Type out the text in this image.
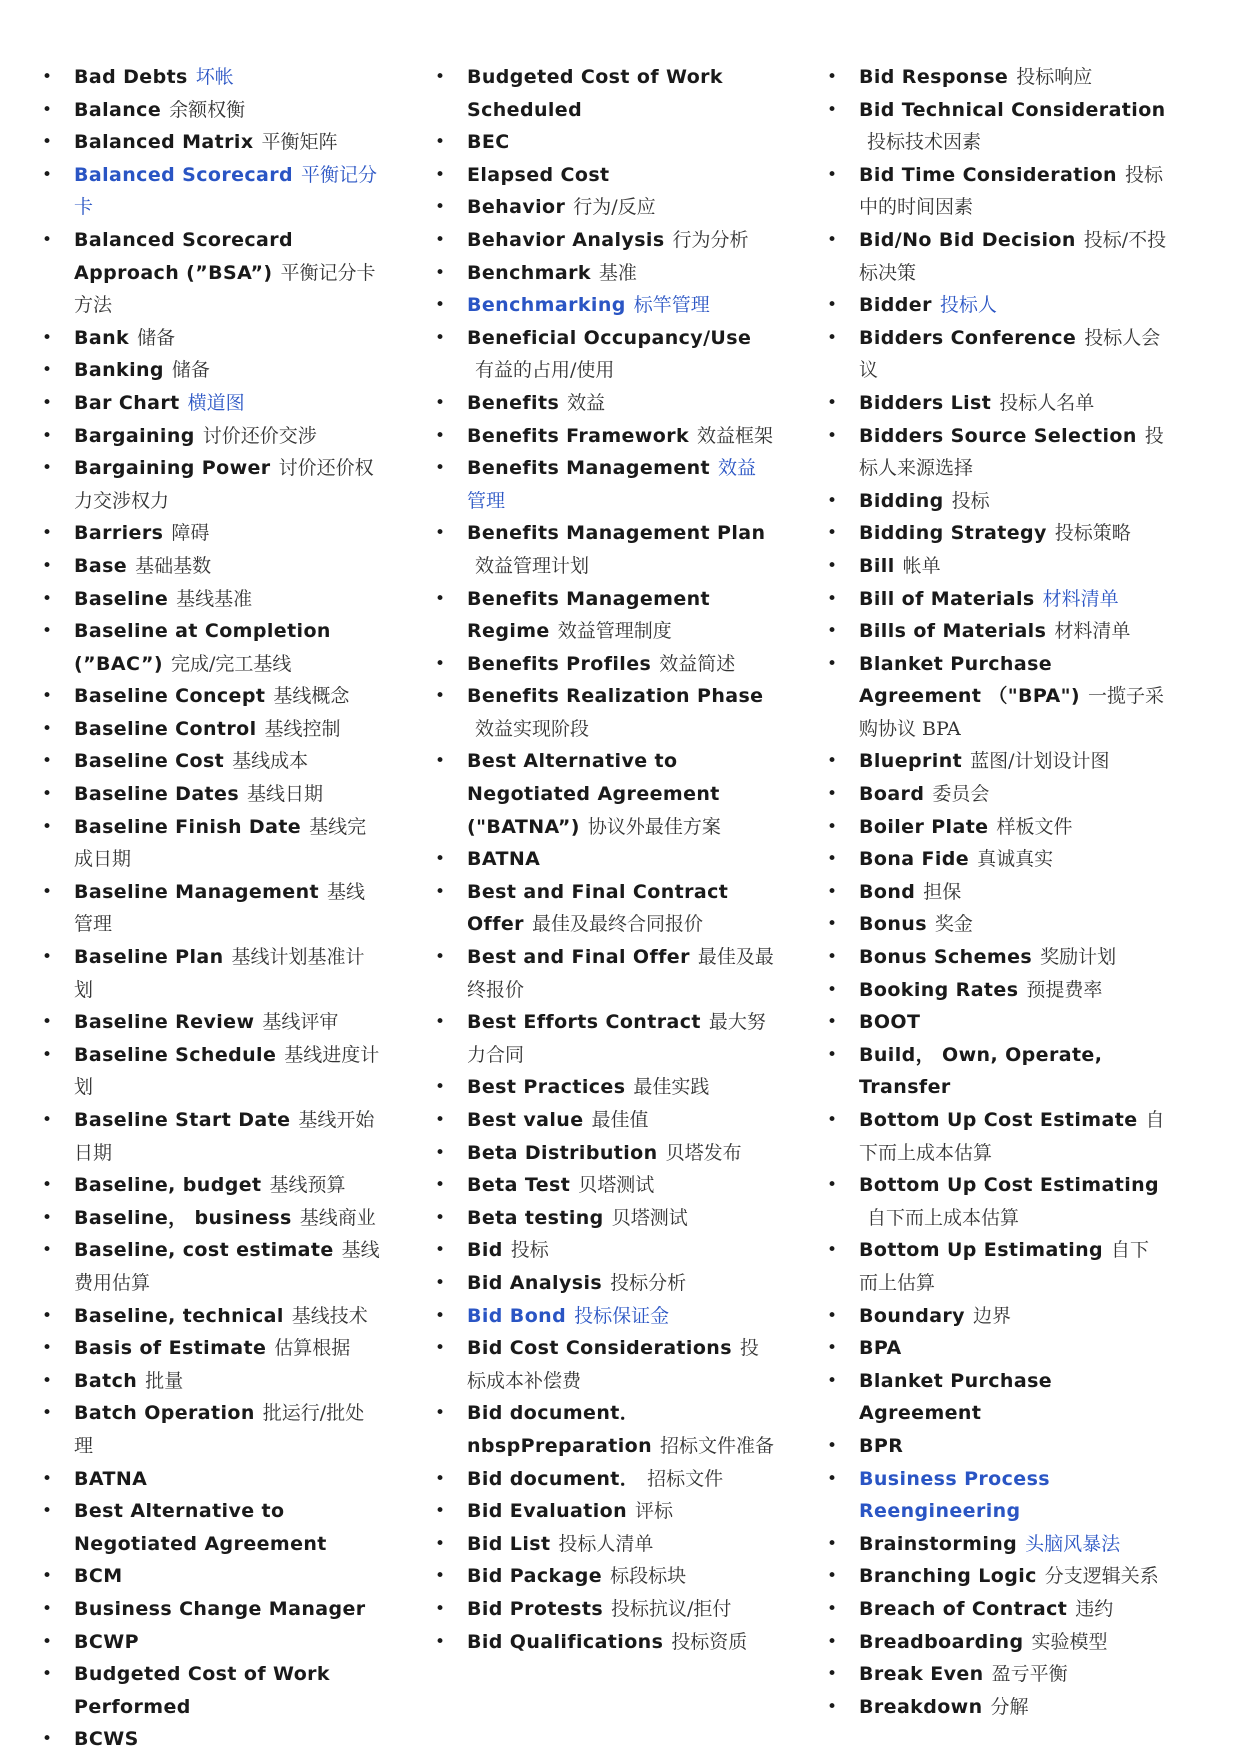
•	Bad Debts 坏帐
•	Balance 余额权衡
•	Balanced Matrix 平衡矩阵
•	Balanced Scorecard 平衡记分卡
•	Balanced Scorecard Approach (”BSA”) 平衡记分卡方法
•	Bank 储备
•	Banking 储备
•	Bar Chart 横道图
•	Bargaining 讨价还价交涉
•	Bargaining Power 讨价还价权力交涉权力
•	Barriers 障碍
•	Base 基础基数
•	Baseline 基线基准
•	Baseline at Completion (”BAC”) 完成/完工基线
•	Baseline Concept 基线概念
•	Baseline Control 基线控制
•	Baseline Cost 基线成本
•	Baseline Dates 基线日期
•	Baseline Finish Date 基线完成日期
•	Baseline Management 基线管理
•	Baseline Plan 基线计划基准计划
•	Baseline Review 基线评审
•	Baseline Schedule 基线进度计划
•	Baseline Start Date 基线开始日期
•	Baseline, budget 基线预算
•	Baseline， business 基线商业
•	Baseline, cost estimate 基线费用估算
•	Baseline, technical 基线技术
•	Basis of Estimate 估算根据
•	Batch 批量
•	Batch Operation 批运行/批处理
•	BATNA
•	Best Alternative to Negotiated Agreement
•	BCM
•	Business Change Manager
•	BCWP
•	Budgeted Cost of Work Performed
•	BCWS
•	Budgeted Cost of Work Scheduled
•	BEC
•	Elapsed Cost
•	Behavior 行为/反应
•	Behavior Analysis 行为分析
•	Benchmark 基准
•	Benchmarking 标竿管理
•	Beneficial Occupancy/Use有益的占用/使用
•	Benefits 效益
•	Benefits Framework 效益框架
•	Benefits Management 效益管理
•	Benefits Management Plan效益管理计划
•	Benefits Management Regime 效益管理制度
•	Benefits Profiles 效益简述
•	Benefits Realization Phase效益实现阶段
•	Best Alternative to Negotiated Agreement ("BATNA”) 协议外最佳方案
•	BATNA
•	Best and Final Contract Offer 最佳及最终合同报价
•	Best and Final Offer 最佳及最终报价
•	Best Efforts Contract 最大努力合同
•	Best Practices 最佳实践
•	Best value 最佳值
•	Beta Distribution 贝塔发布
•	Beta Test 贝塔测试
•	Beta testing 贝塔测试
•	Bid 投标
•	Bid Analysis 投标分析
•	Bid Bond 投标保证金
•	Bid Cost Considerations 投标成本补偿费
•	Bid document．nbspPreparation 招标文件准备
•	Bid document． 招标文件
•	Bid Evaluation 评标
•	Bid List 投标人清单
•	Bid Package 标段标块
•	Bid Protests 投标抗议/拒付
•	Bid Qualifications 投标资质
•	Bid Response 投标响应
•	Bid Technical Consideration投标技术因素
•	Bid Time Consideration 投标中的时间因素
•	Bid/No Bid Decision 投标/不投标决策
•	Bidder 投标人
•	Bidders Conference 投标人会议
•	Bidders List 投标人名单
•	Bidders Source Selection 投标人来源选择
•	Bidding 投标
•	Bidding Strategy 投标策略
•	Bill 帐单
•	Bill of Materials 材料清单
•	Bills of Materials 材料清单
•	Blanket Purchase Agreement （"BPA") 一揽子采购协议 BPA
•	Blueprint 蓝图/计划设计图
•	Board 委员会
•	Boiler Plate 样板文件
•	Bona Fide 真诚真实
•	Bond 担保
•	Bonus 奖金
•	Bonus Schemes 奖励计划
•	Booking Rates 预提费率
•	BOOT
•	Build， Own, Operate, Transfer
•	Bottom Up Cost Estimate 自下而上成本估算
•	Bottom Up Cost Estimating自下而上成本估算
•	Bottom Up Estimating 自下而上估算
•	Boundary 边界
•	BPA
•	Blanket Purchase Agreement
•	BPR
•	Business Process Reengineering
•	Brainstorming 头脑风暴法
•	Branching Logic 分支逻辑关系
•	Breach of Contract 违约
•	Breadboarding 实验模型
•	Break Even 盈亏平衡
•	Breakdown 分解
